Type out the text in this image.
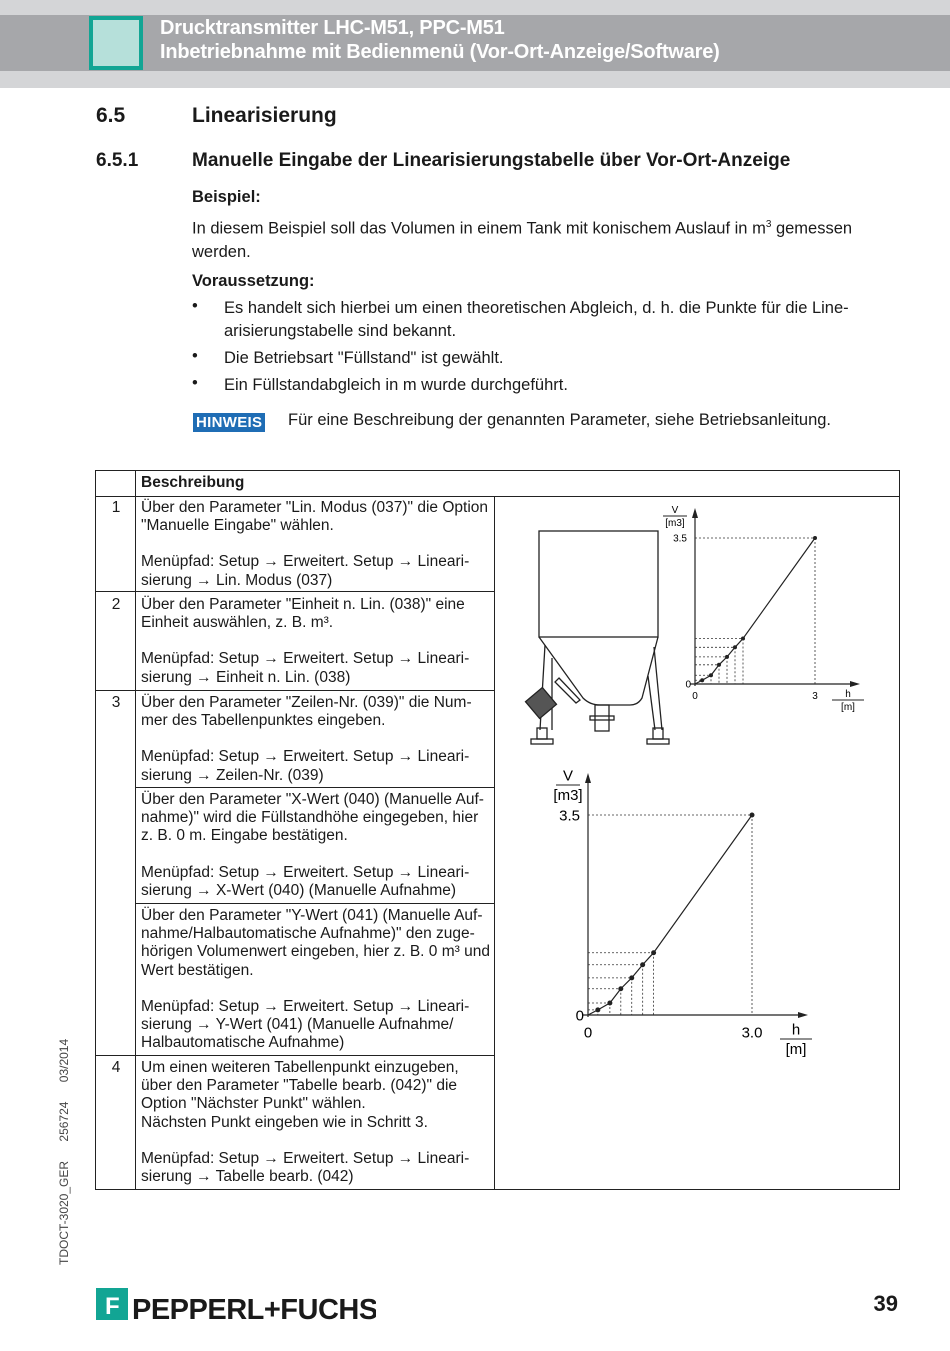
Drucktransmitter LHC-M51, PPC-M51
Inbetriebnahme mit Bedienmenü (Vor-Ort-Anzeige/Software)
6.5	Linearisierung
6.5.1	Manuelle Eingabe der Linearisierungstabelle über Vor-Ort-Anzeige
Beispiel:
In diesem Beispiel soll das Volumen in einem Tank mit konischem Auslauf in $m^3$ gemessen
werden.
Voraussetzung:
• Es handelt sich hierbei um einen theoretischen Abgleich, d. h. die Punkte für die Line-arisierungstabelle sind bekannt.
• Die Betriebsart "Füllstand" ist gewählt.
• Ein Füllstandabgleich in m wurde durchgeführt.
HINWEIS Für eine Beschreibung der genannten Parameter, siehe Betriebsanleitung.
Beschreibung
1	Über den Parameter "Lin. Modus (037)" die Option
"Manuelle Eingabe" wählen.
Menüpfad: Setup → Erweitert. Setup → Lineari-
sierung → Lin. Modus (037)
2	Über den Parameter "Einheit n. Lin. (038)" eine
Einheit auswählen, z. B. m³.
Menüpfad: Setup → Erweitert. Setup → Lineari-
sierung → Einheit n. Lin. (038)
3	Über den Parameter "Zeilen-Nr. (039)" die Num-
mer des Tabellenpunktes eingeben.
Menüpfad: Setup → Erweitert. Setup → Lineari-
sierung → Zeilen-Nr. (039)
Über den Parameter "X-Wert (040) (Manuelle Auf-
nahme)" wird die Füllstandhöhe eingegeben, hier
z. B. 0 m. Eingabe bestätigen.
Menüpfad: Setup → Erweitert. Setup → Lineari-
sierung → X-Wert (040) (Manuelle Aufnahme)
Über den Parameter "Y-Wert (041) (Manuelle Auf-
nahme/Halbautomatische Aufnahme)" den zuge-
hörigen Volumenwert eingeben, hier z. B. 0 m³ und
Wert bestätigen.
Menüpfad: Setup → Erweitert. Setup → Lineari-
sierung → Y-Wert (041) (Manuelle Aufnahme/
Halbautomatische Aufnahme)
4	Um einen weiteren Tabellenpunkt einzugeben,
über den Parameter "Tabelle bearb. (042)" die
Option "Nächster Punkt" wählen.
Nächsten Punkt eingeben wie in Schritt 3.
Menüpfad: Setup → Erweitert. Setup → Lineari-
sierung → Tabelle bearb. (042)
3.5
0
0	3
V
[m3]
h
[m]
3.5
0
0	3.0
V
[m3]
h
[m]
TDOCT-3020_GER 256724 03/2014
F PEPPERL+FUCHS	39
